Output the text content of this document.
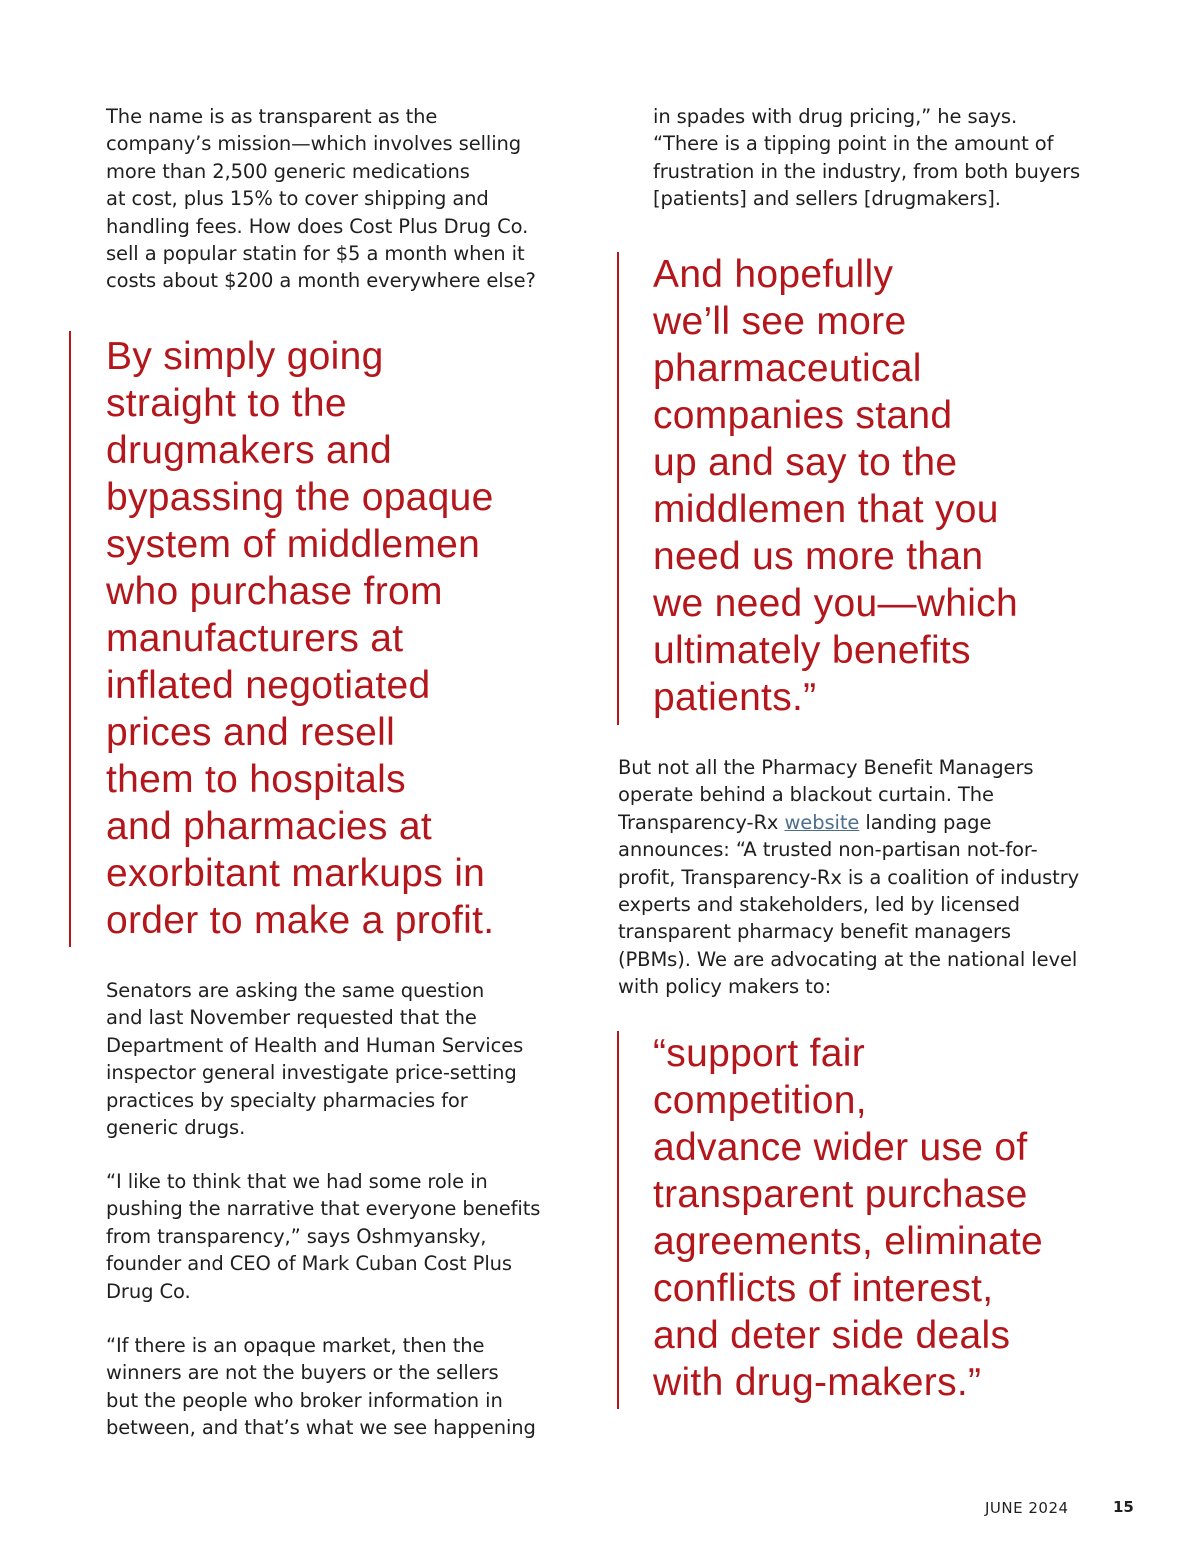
The name is as transparent as the
company’s mission—which involves selling
more than 2,500 generic medications
at cost, plus 15% to cover shipping and
handling fees. How does Cost Plus Drug Co.
sell a popular statin for $5 a month when it
costs about $200 a month everywhere else?
By simply going
straight to the
drugmakers and
bypassing the opaque
system of middlemen
who purchase from
manufacturers at
inflated negotiated
prices and resell
them to hospitals
and pharmacies at
exorbitant markups in
order to make a profit.
Senators are asking the same question
and last November requested that the
Department of Health and Human Services
inspector general investigate price-setting
practices by specialty pharmacies for
generic drugs.
“I like to think that we had some role in
pushing the narrative that everyone benefits
from transparency,” says Oshmyansky,
founder and CEO of Mark Cuban Cost Plus
Drug Co.
“If there is an opaque market, then the
winners are not the buyers or the sellers
but the people who broker information in
between, and that’s what we see happening
in spades with drug pricing,” he says.
“There is a tipping point in the amount of
frustration in the industry, from both buyers
[patients] and sellers [drugmakers].
And hopefully
we’ll see more
pharmaceutical
companies stand
up and say to the
middlemen that you
need us more than
we need you—which
ultimately benefits
patients.”
But not all the Pharmacy Benefit Managers
operate behind a blackout curtain. The
Transparency-Rx website landing page
announces: “A trusted non-partisan not-for-
profit, Transparency-Rx is a coalition of industry
experts and stakeholders, led by licensed
transparent pharmacy benefit managers
(PBMs). We are advocating at the national level
with policy makers to:
“support fair
competition,
advance wider use of
transparent purchase
agreements, eliminate
conflicts of interest,
and deter side deals
with drug-makers.”
JUNE 2024	15
